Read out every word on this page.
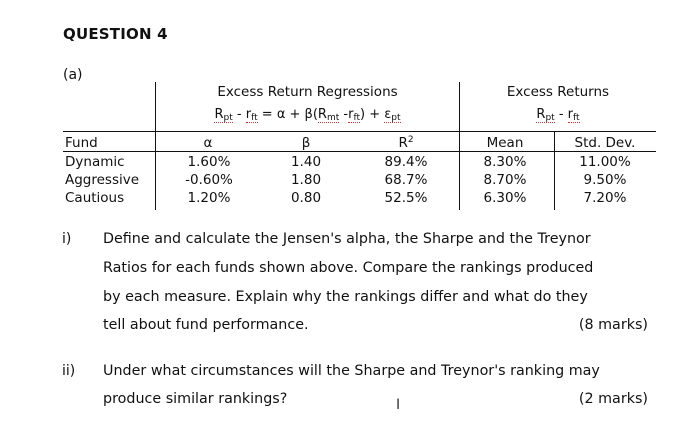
QUESTION 4
(a)
Excess Return Regressions	Excess Returns
$R_{pt} - r_{ft} = \alpha + \beta(R_{mt}$ $-r_{ft}) + \varepsilon_{pt}$	$R_{pt} - r_{ft}$
Fund	α	β	$R^2$	Mean	Std. Dev.
Dynamic	1.60%	1.40	89.4%	8.30%	11.00%
Aggressive	-0.60%	1.80	68.7%	8.70%	9.50%
Cautious	1.20%	0.80	52.5%	6.30%	7.20%
i) Define and calculate the Jensen's alpha, the Sharpe and the Treynor
Ratios for each funds shown above. Compare the rankings produced
by each measure. Explain why the rankings differ and what do they
tell about fund performance.	(8 marks)
ii) Under what circumstances will the Sharpe and Treynor's ranking may
produce similar rankings?	(2 marks)
I
